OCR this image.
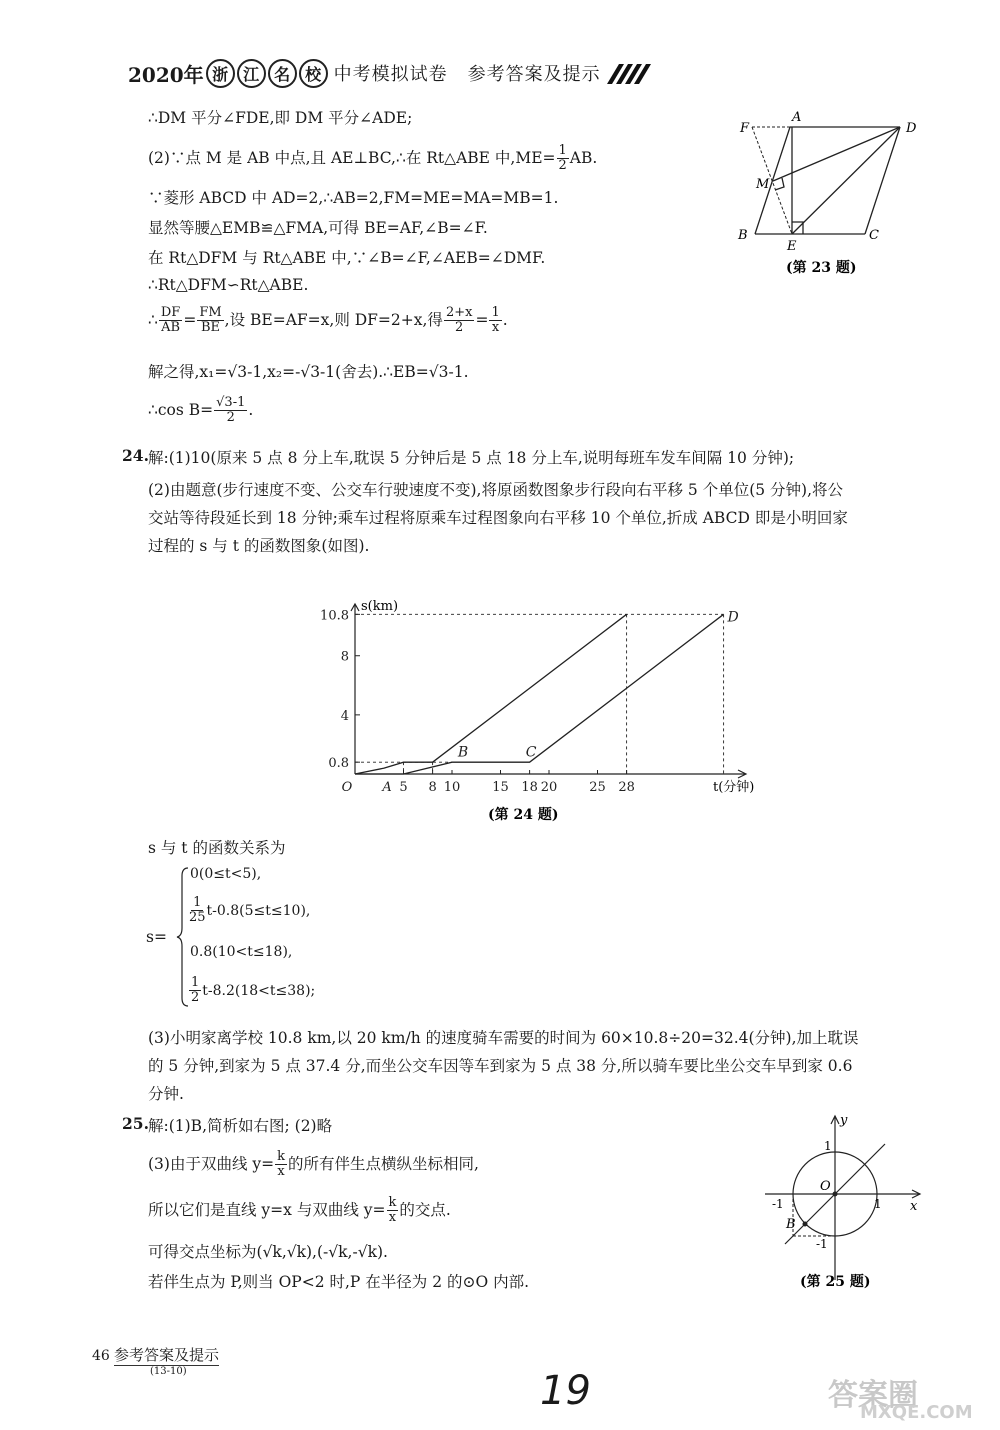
2020年 浙 江 名 校 中考模拟试卷 参考答案及提示
∴DM 平分∠FDE,即 DM 平分∠ADE;
(2)∵点 M 是 AB 中点,且 AE⊥BC,∴在 Rt△ABE 中$,ME= \frac{1}{2}$ AB.
∵菱形 ABCD 中 AD=2,∴AB=2,FM=ME=MA=MB=1.
显然等腰△EMB≌△FMA,可得 BE=AF,∠B=∠F.
在 Rt△DFM 与 Rt△ABE 中,∵∠B=∠F,∠AEB=∠DMF.
∴Rt△DFM∽Rt△ABE.
∴ $\frac{DF}{AB} = \frac{FM}{BE}$ ,设 BE=AF=x,则 DF=2+x,得 $\frac{2+x}{2} = \frac{1}{x}$ .
解之得,x₁=√3-1,x₂=-√3-1(舍去).∴EB=√3-1.
∴cos $B= \frac{√3-1}{2}$ .
A
D
F
M
B
E
C
(第 23 题)
24. 解:(1)10(原来 5 点 8 分上车,耽误 5 分钟后是 5 点 18 分上车,说明每班车发车间隔 10 分钟);
(2)由题意(步行速度不变、公交车行驶速度不变),将原函数图象步行段向右平移 5 个单位(5 分钟),将公
交站等待段延长到 18 分钟;乘车过程将原乘车过程图象向右平移 10 个单位,折成 ABCD 即是小明回家
过程的 s 与 t 的函数图象(如图).
s(km)
t(分钟)
(第 24 题)
0.8
4
8
10.8
O A 5 8 10 15 18 20 25 28
B	C
D
s 与 t 的函数关系为
s=
0(0≤t<5),
$\frac{1}{25} t-0.8(5\le t\le 10)$,
0.8(10<t≤18),
$\frac{1}{2} t-8.2(18<t\le 38)$;
(3)小明家离学校 10.8 km,以 20 km/h 的速度骑车需要的时间为 60×10.8÷20=32.4(分钟),加上耽误
的 5 分钟,到家为 5 点 37.4 分,而坐公交车因等车到家为 5 点 38 分,所以骑车要比坐公交车早到家 0.6
分钟.
25. 解:(1)B,简析如右图; (2)略
(3)由于双曲线 $y= \frac{k}{x}$ 的所有伴生点横纵坐标相同,
所以它们是直线 y=x 与双曲线 $y= \frac{k}{x}$ 的交点.
可得交点坐标为(√k,√k),(-√k,-√k).
若伴生点为 P,则当 OP<2 时,P 在半径为 2 的⊙O 内部.
y
x
O
1
1
-1
-1
B
(第 25 题)
46 参考答案及提示
(13-10)	19	答案圈
MXQE.COM
